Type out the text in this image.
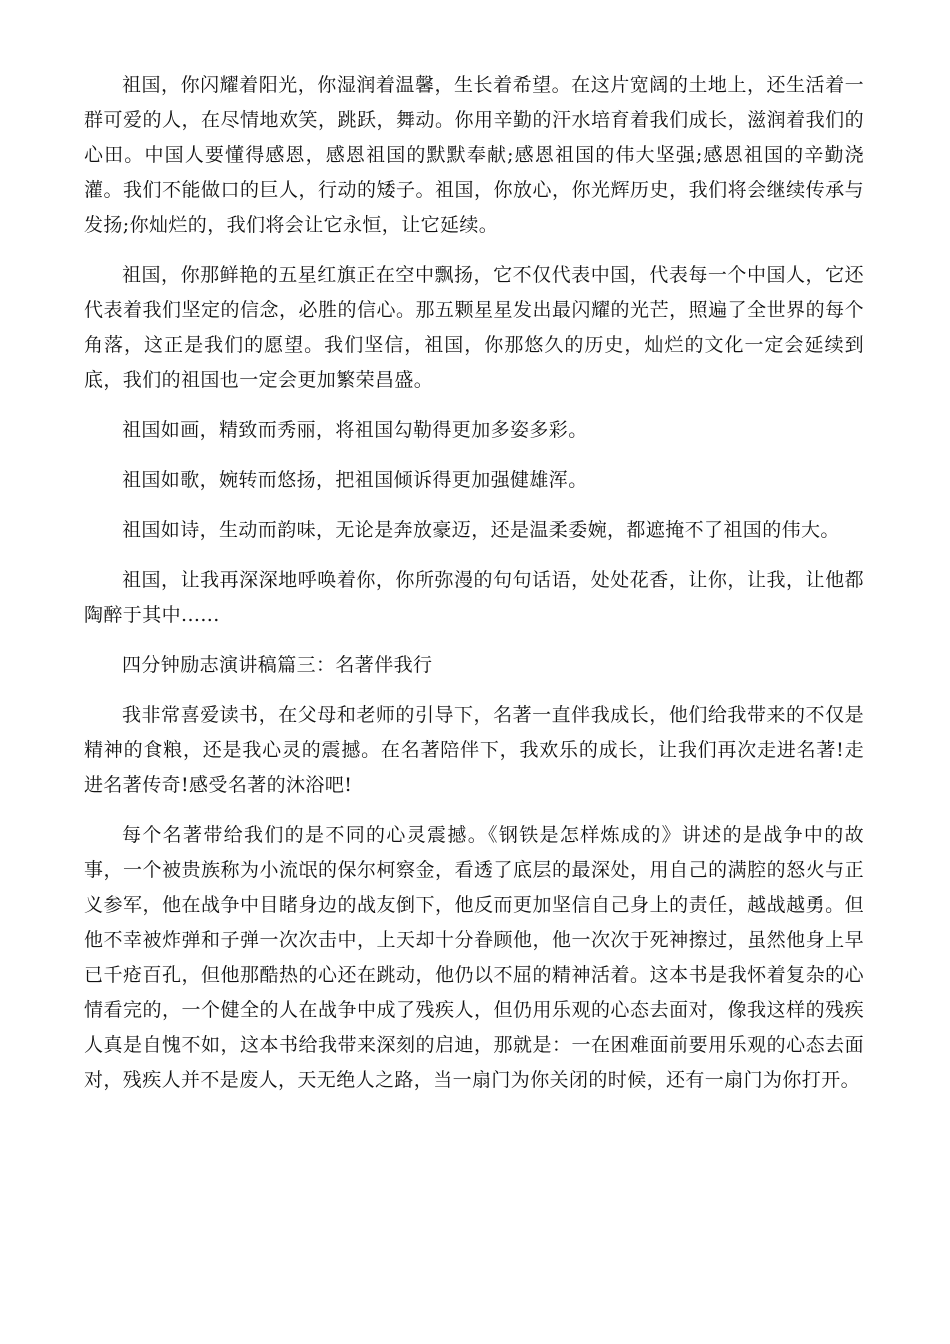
祖国，你闪耀着阳光，你湿润着温馨，生长着希望。在这片宽阔的土地上，还生活着一群可爱的人，在尽情地欢笑，跳跃，舞动。你用辛勤的汗水培育着我们成长，滋润着我们的心田。中国人要懂得感恩，感恩祖国的默默奉献;感恩祖国的伟大坚强;感恩祖国的辛勤浇灌。我们不能做口的巨人，行动的矮子。祖国，你放心，你光辉历史，我们将会继续传承与发扬;你灿烂的，我们将会让它永恒，让它延续。

祖国，你那鲜艳的五星红旗正在空中飘扬，它不仅代表中国，代表每一个中国人，它还代表着我们坚定的信念，必胜的信心。那五颗星星发出最闪耀的光芒，照遍了全世界的每个角落，这正是我们的愿望。我们坚信，祖国，你那悠久的历史，灿烂的文化一定会延续到底，我们的祖国也一定会更加繁荣昌盛。

祖国如画，精致而秀丽，将祖国勾勒得更加多姿多彩。

祖国如歌，婉转而悠扬，把祖国倾诉得更加强健雄浑。

祖国如诗，生动而韵味，无论是奔放豪迈，还是温柔委婉，都遮掩不了祖国的伟大。

祖国，让我再深深地呼唤着你，你所弥漫的句句话语，处处花香，让你，让我，让他都陶醉于其中......

四分钟励志演讲稿篇三：名著伴我行

我非常喜爱读书，在父母和老师的引导下，名著一直伴我成长，他们给我带来的不仅是精神的食粮，还是我心灵的震撼。在名著陪伴下，我欢乐的成长，让我们再次走进名著!走进名著传奇!感受名著的沐浴吧!

每个名著带给我们的是不同的心灵震撼。《钢铁是怎样炼成的》讲述的是战争中的故事，一个被贵族称为小流氓的保尔柯察金，看透了底层的最深处，用自己的满腔的怒火与正义参军，他在战争中目睹身边的战友倒下，他反而更加坚信自己身上的责任，越战越勇。但他不幸被炸弹和子弹一次次击中，上天却十分眷顾他，他一次次于死神擦过，虽然他身上早已千疮百孔，但他那酷热的心还在跳动，他仍以不屈的精神活着。这本书是我怀着复杂的心情看完的，一个健全的人在战争中成了残疾人，但仍用乐观的心态去面对，像我这样的残疾人真是自愧不如，这本书给我带来深刻的启迪，那就是：一在困难面前要用乐观的心态去面对，残疾人并不是废人，天无绝人之路，当一扇门为你关闭的时候，还有一扇门为你打开。
